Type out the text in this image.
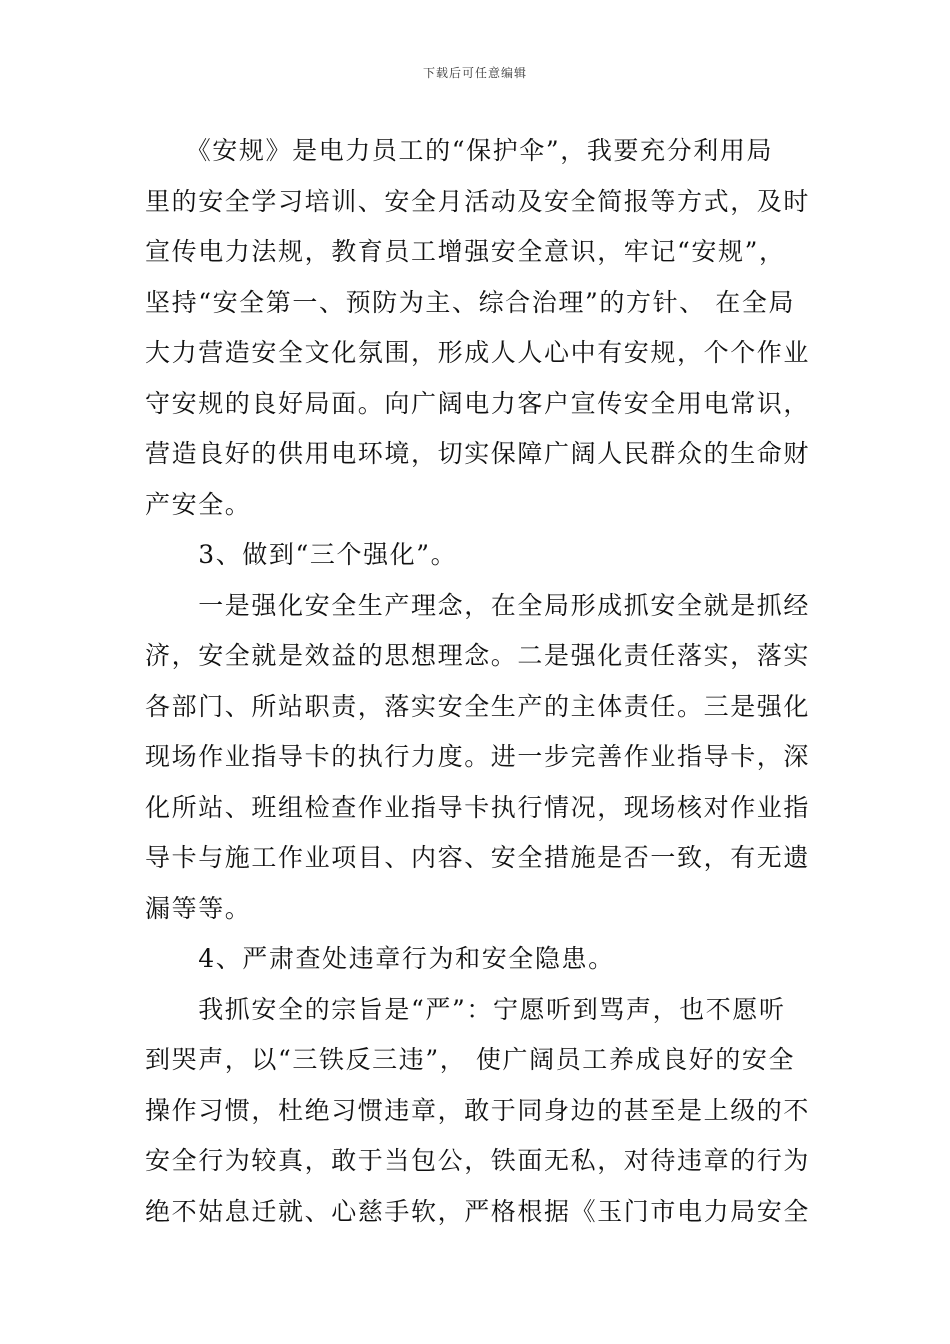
下载后可任意编辑
　　《安规》是电力员工的“保护伞”，我要充分利用局
里的安全学习培训、安全月活动及安全简报等方式，及时
宣传电力法规，教育员工增强安全意识，牢记“安规”，
坚持“安全第一、预防为主、综合治理”的方针、 在全局
大力营造安全文化氛围，形成人人心中有安规，个个作业
守安规的良好局面。向广阔电力客户宣传安全用电常识，
营造良好的供用电环境，切实保障广阔人民群众的生命财
产安全。
　　3、做到“三个强化”。
　　一是强化安全生产理念，在全局形成抓安全就是抓经
济，安全就是效益的思想理念。二是强化责任落实，落实
各部门、所站职责，落实安全生产的主体责任。三是强化
现场作业指导卡的执行力度。进一步完善作业指导卡，深
化所站、班组检查作业指导卡执行情况，现场核对作业指
导卡与施工作业项目、内容、安全措施是否一致，有无遗
漏等等。
　　4、严肃查处违章行为和安全隐患。
　　我抓安全的宗旨是“严”：宁愿听到骂声，也不愿听
到哭声，以“三铁反三违”， 使广阔员工养成良好的安全
操作习惯，杜绝习惯违章，敢于同身边的甚至是上级的不
安全行为较真，敢于当包公，铁面无私，对待违章的行为
绝不姑息迁就、心慈手软，严格根据《玉门市电力局安全
